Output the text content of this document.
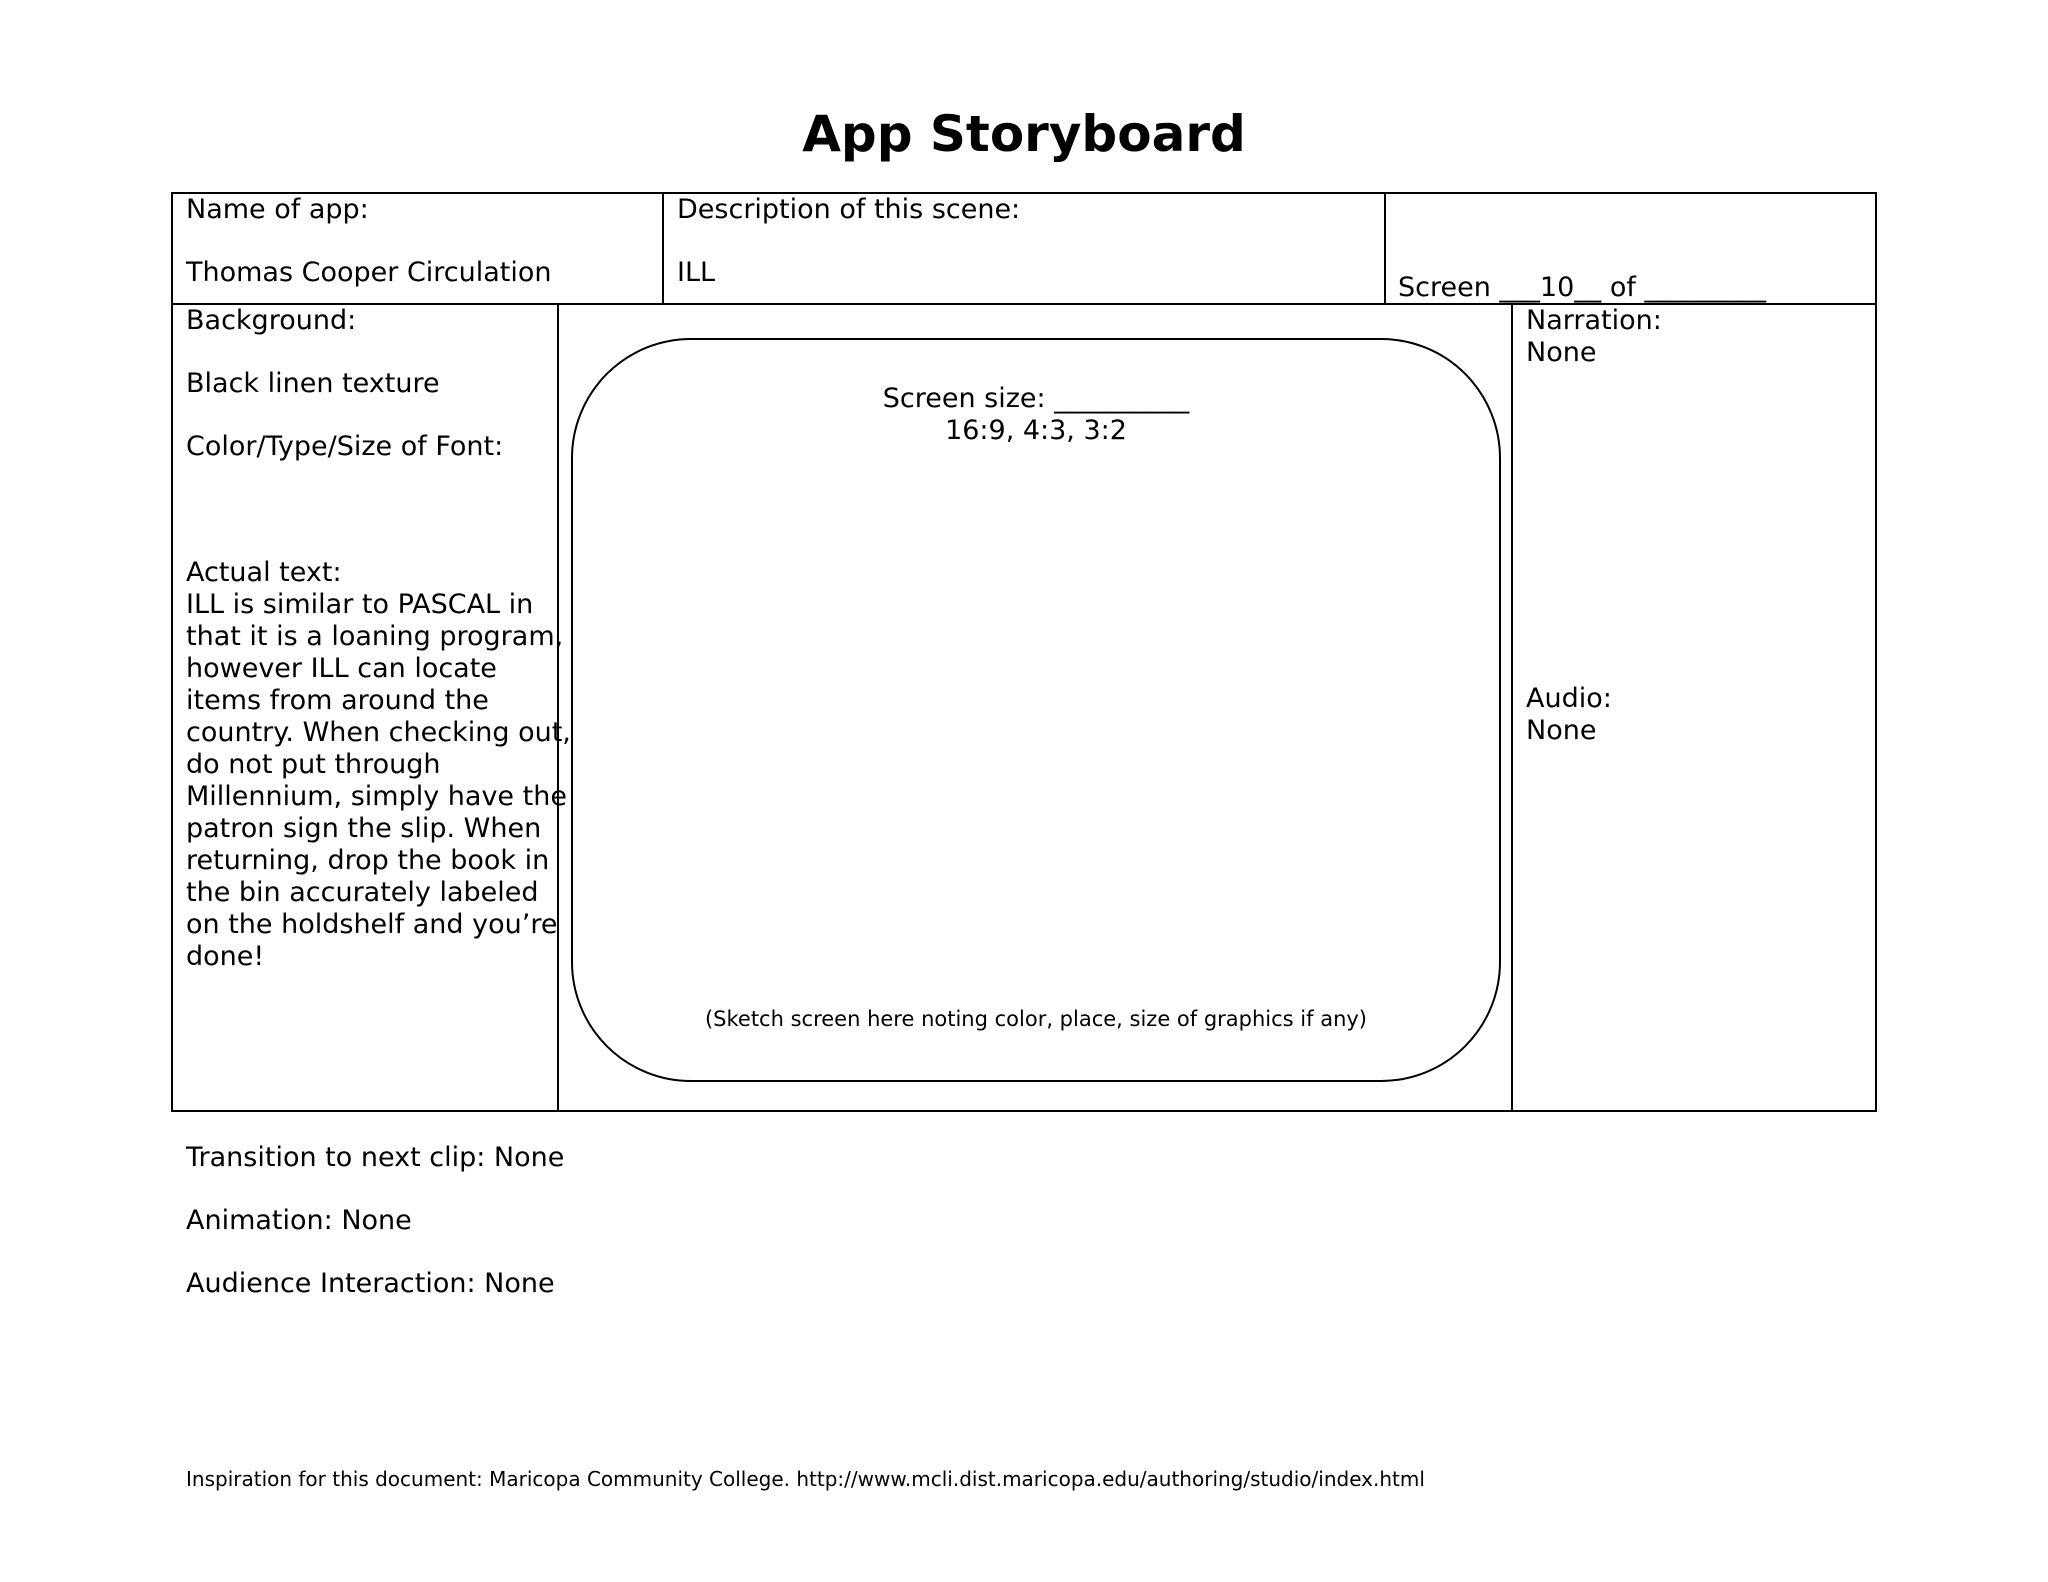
App Storyboard
Name of app:
Thomas Cooper Circulation
Description of this scene:
ILL	Screen ___10__ of _________
Background:
Black linen texture
Color/Type/Size of Font:
Actual text:
ILL is similar to PASCAL in that it is a loaning program, however ILL can locate items from around the country. When checking out, do not put through Millennium, simply have the patron sign the slip. When returning, drop the book in the bin accurately labeled on the holdshelf and you’re done!
Screen size: __________
16:9, 4:3, 3:2
(Sketch screen here noting color, place, size of graphics if any)
Narration:
None
Audio:
None
Transition to next clip: None
Animation: None
Audience Interaction: None
Inspiration for this document: Maricopa Community College. http://www.mcli.dist.maricopa.edu/authoring/studio/index.html
